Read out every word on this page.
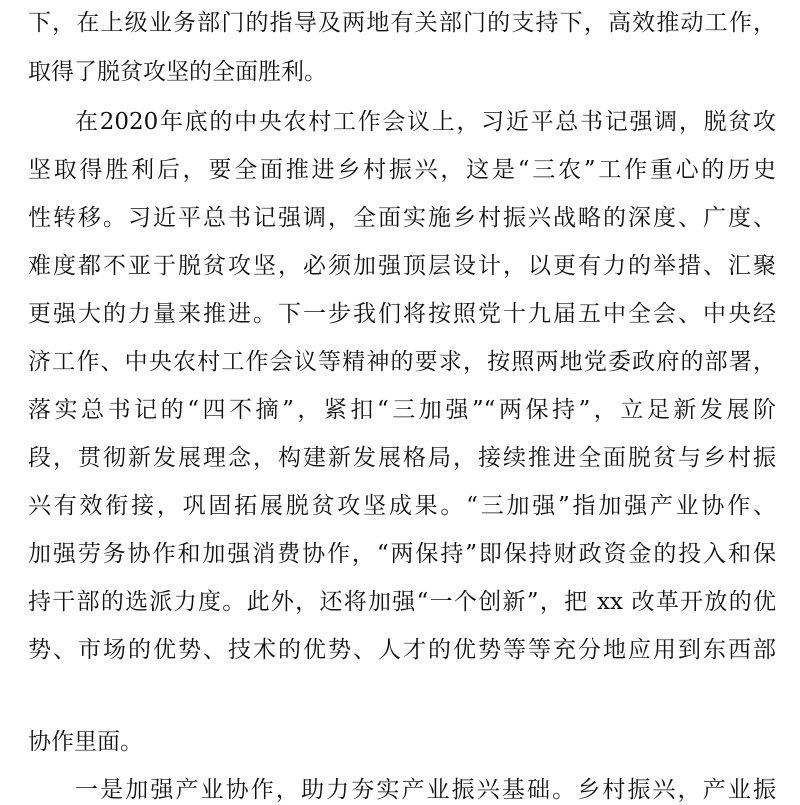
下，在上级业务部门的指导及两地有关部门的支持下，高效推动工作，
取得了脱贫攻坚的全面胜利。
在2020年底的中央农村工作会议上，习近平总书记强调，脱贫攻
坚取得胜利后，要全面推进乡村振兴，这是“三农”工作重心的历史
性转移。习近平总书记强调，全面实施乡村振兴战略的深度、广度、
难度都不亚于脱贫攻坚，必须加强顶层设计，以更有力的举措、汇聚
更强大的力量来推进。下一步我们将按照党十九届五中全会、中央经
济工作、中央农村工作会议等精神的要求，按照两地党委政府的部署，
落实总书记的“四不摘”，紧扣“三加强”“两保持”，立足新发展阶
段，贯彻新发展理念，构建新发展格局，接续推进全面脱贫与乡村振
兴有效衔接，巩固拓展脱贫攻坚成果。“三加强”指加强产业协作、
加强劳务协作和加强消费协作，“两保持”即保持财政资金的投入和保
持干部的选派力度。此外，还将加强“一个创新”，把 xx 改革开放的优
势、市场的优势、技术的优势、人才的优势等等充分地应用到东西部
协作里面。
一是加强产业协作，助力夯实产业振兴基础。乡村振兴，产业振
